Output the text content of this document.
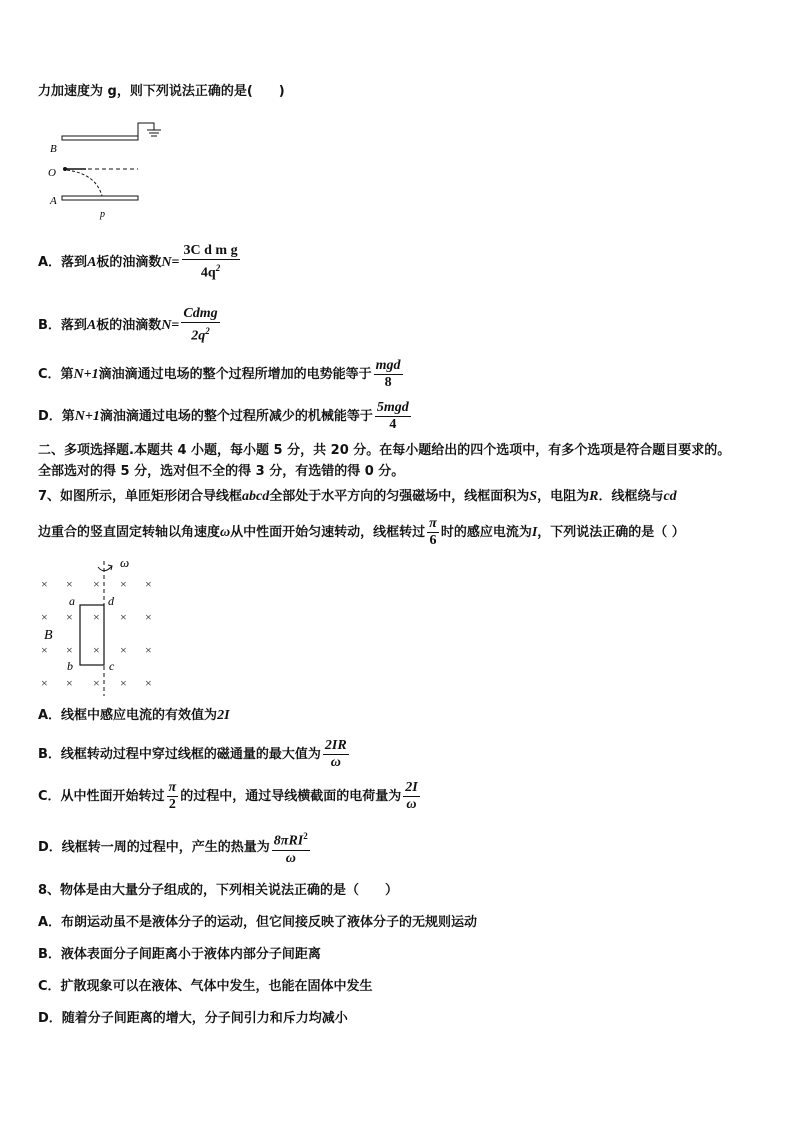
力加速度为 g，则下列说法正确的是(　　)
B
O
A
p
A．落到A板的油滴数$N= \frac{\text{3C d m g}}{4q^2}$
B．落到A板的油滴数$N= \frac{\text{Cdmg}}{2q^2}$
C．第N+1滴油滴通过电场的整个过程所增加的电势能等于 $\frac{\text{mgd}}{8}$
D．第N+1滴油滴通过电场的整个过程所减少的机械能等于 $\frac{\text{5mgd}}{4}$
二、多项选择题.本题共 4 小题，每小题 5 分，共 20 分。在每小题给出的四个选项中，有多个选项是符合题目要求的。
全部选对的得 5 分，选对但不全的得 3 分，有选错的得 0 分。
7、如图所示，单匝矩形闭合导线框abcd全部处于水平方向的匀强磁场中，线框面积为S，电阻为R．线框绕与cd
边重合的竖直固定转轴以角速度ω从中性面开始匀速转动，线框转过 $\frac{\pi}{6}$ 时的感应电流为I，下列说法正确的是（ ）
× × × × ×
× × × × ×
× × × × ×
× × × × ×
ω
a	d
b	c
B
A．线框中感应电流的有效值为2I
B．线框转动过程中穿过线框的磁通量的最大值为 $\frac{2IR}{\omega}$
C．从中性面开始转过 $\frac{\pi}{2}$ 的过程中，通过导线横截面的电荷量为 $\frac{2I}{\omega}$
D．线框转一周的过程中，产生的热量为 $\frac{8\pi RI^2}{\omega}$
8、物体是由大量分子组成的，下列相关说法正确的是（　　）
A．布朗运动虽不是液体分子的运动，但它间接反映了液体分子的无规则运动
B．液体表面分子间距离小于液体内部分子间距离
C．扩散现象可以在液体、气体中发生，也能在固体中发生
D．随着分子间距离的增大，分子间引力和斥力均减小
